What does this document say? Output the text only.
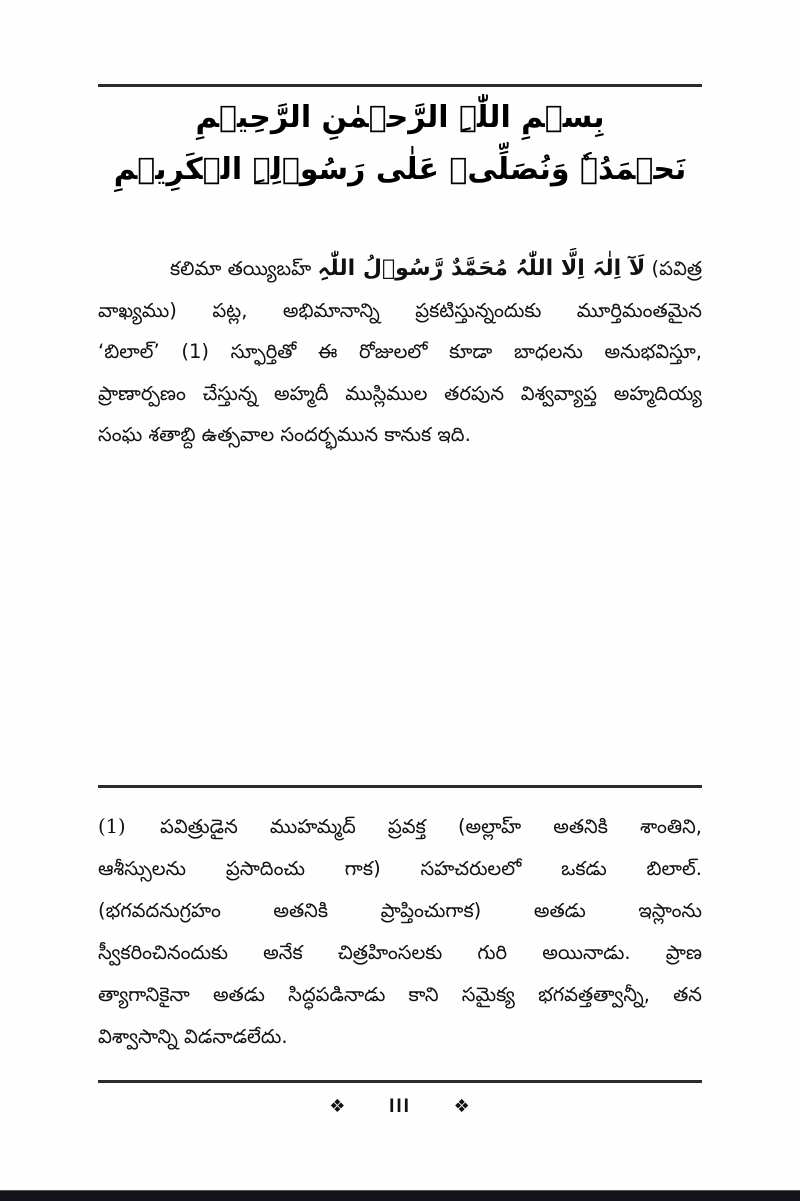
بِسۡمِ اللّٰہِ الرَّحۡمٰنِ الرَّحِیۡمِ
نَحۡمَدُہٗ وَنُصَلِّیۡ عَلٰی رَسُوۡلِہِ الۡکَرِیۡمِ
కలిమా తయ్యిబహ్ لَآ اِلٰہَ اِلَّا اللّٰہُ مُحَمَّدٌ رَّسُوۡلُ اللّٰہِ (పవిత్ర
వాఖ్యము) పట్ల, అభిమానాన్ని ప్రకటిస్తున్నందుకు మూర్తిమంతమైన
‘బిలాల్’ (1) స్ఫూర్తితో ఈ రోజులలో కూడా బాధలను అనుభవిస్తూ,
ప్రాణార్పణం చేస్తున్న అహ్మదీ ముస్లిముల తరపున విశ్వవ్యాప్త అహ్మదియ్య
సంఘ శతాబ్ది ఉత్సవాల సందర్భమున కానుక ఇది.
(1) పవిత్రుడైన ముహమ్మద్ ప్రవక్త (అల్లాహ్ అతనికి శాంతిని,
ఆశీస్సులను ప్రసాదించు గాక) సహచరులలో ఒకడు బిలాల్.
(భగవదనుగ్రహం అతనికి ప్రాప్తించుగాక) అతడు ఇస్లాంను
స్వీకరించినందుకు అనేక చిత్రహింసలకు గురి అయినాడు. ప్రాణ
త్యాగానికైనా అతడు సిద్ధపడినాడు కాని సమైక్య భగవత్తత్వాన్నీ, తన
విశ్వాసాన్ని విడనాడలేదు.
❖ III ❖
